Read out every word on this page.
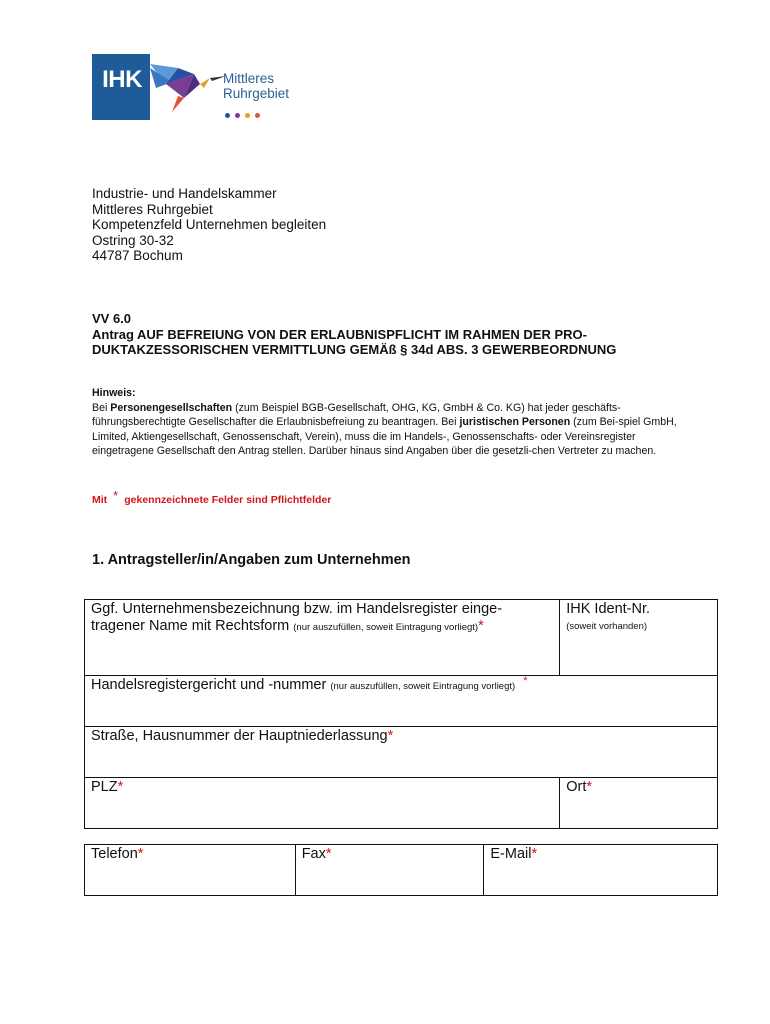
IHK	Mittleres
Ruhrgebiet
Industrie- und Handelskammer
Mittleres Ruhrgebiet
Kompetenzfeld Unternehmen begleiten
Ostring 30-32
44787 Bochum
VV 6.0
Antrag AUF BEFREIUNG VON DER ERLAUBNISPFLICHT IM RAHMEN DER PRO-
DUKTAKZESSORISCHEN VERMITTLUNG GEMÄß § 34d ABS. 3 GEWERBEORDNUNG
Hinweis:
Bei Personengesellschaften (zum Beispiel BGB-Gesellschaft, OHG, KG, GmbH & Co. KG) hat jeder geschäfts-führungsberechtigte Gesellschafter die Erlaubnisbefreiung zu beantragen. Bei juristischen Personen (zum Bei-spiel GmbH, Limited, Aktiengesellschaft, Genossenschaft, Verein), muss die im Handels-, Genossenschafts- oder Vereinsregister eingetragene Gesellschaft den Antrag stellen. Darüber hinaus sind Angaben über die gesetzli-chen Vertreter zu machen.
Mit * gekennzeichnete Felder sind Pflichtfelder
1. Antragsteller/in/Angaben zum Unternehmen
Ggf. Unternehmensbezeichnung bzw. im Handelsregister einge-tragener Name mit Rechtsform (nur auszufüllen, soweit Eintragung vorliegt)*	IHK Ident-Nr.
(soweit vorhanden)

Handelsregistergericht und -nummer (nur auszufüllen, soweit Eintragung vorliegt) *
Straße, Hausnummer der Hauptniederlassung*	
PLZ*	Ort*
Telefon*	Fax*	E-Mail*
